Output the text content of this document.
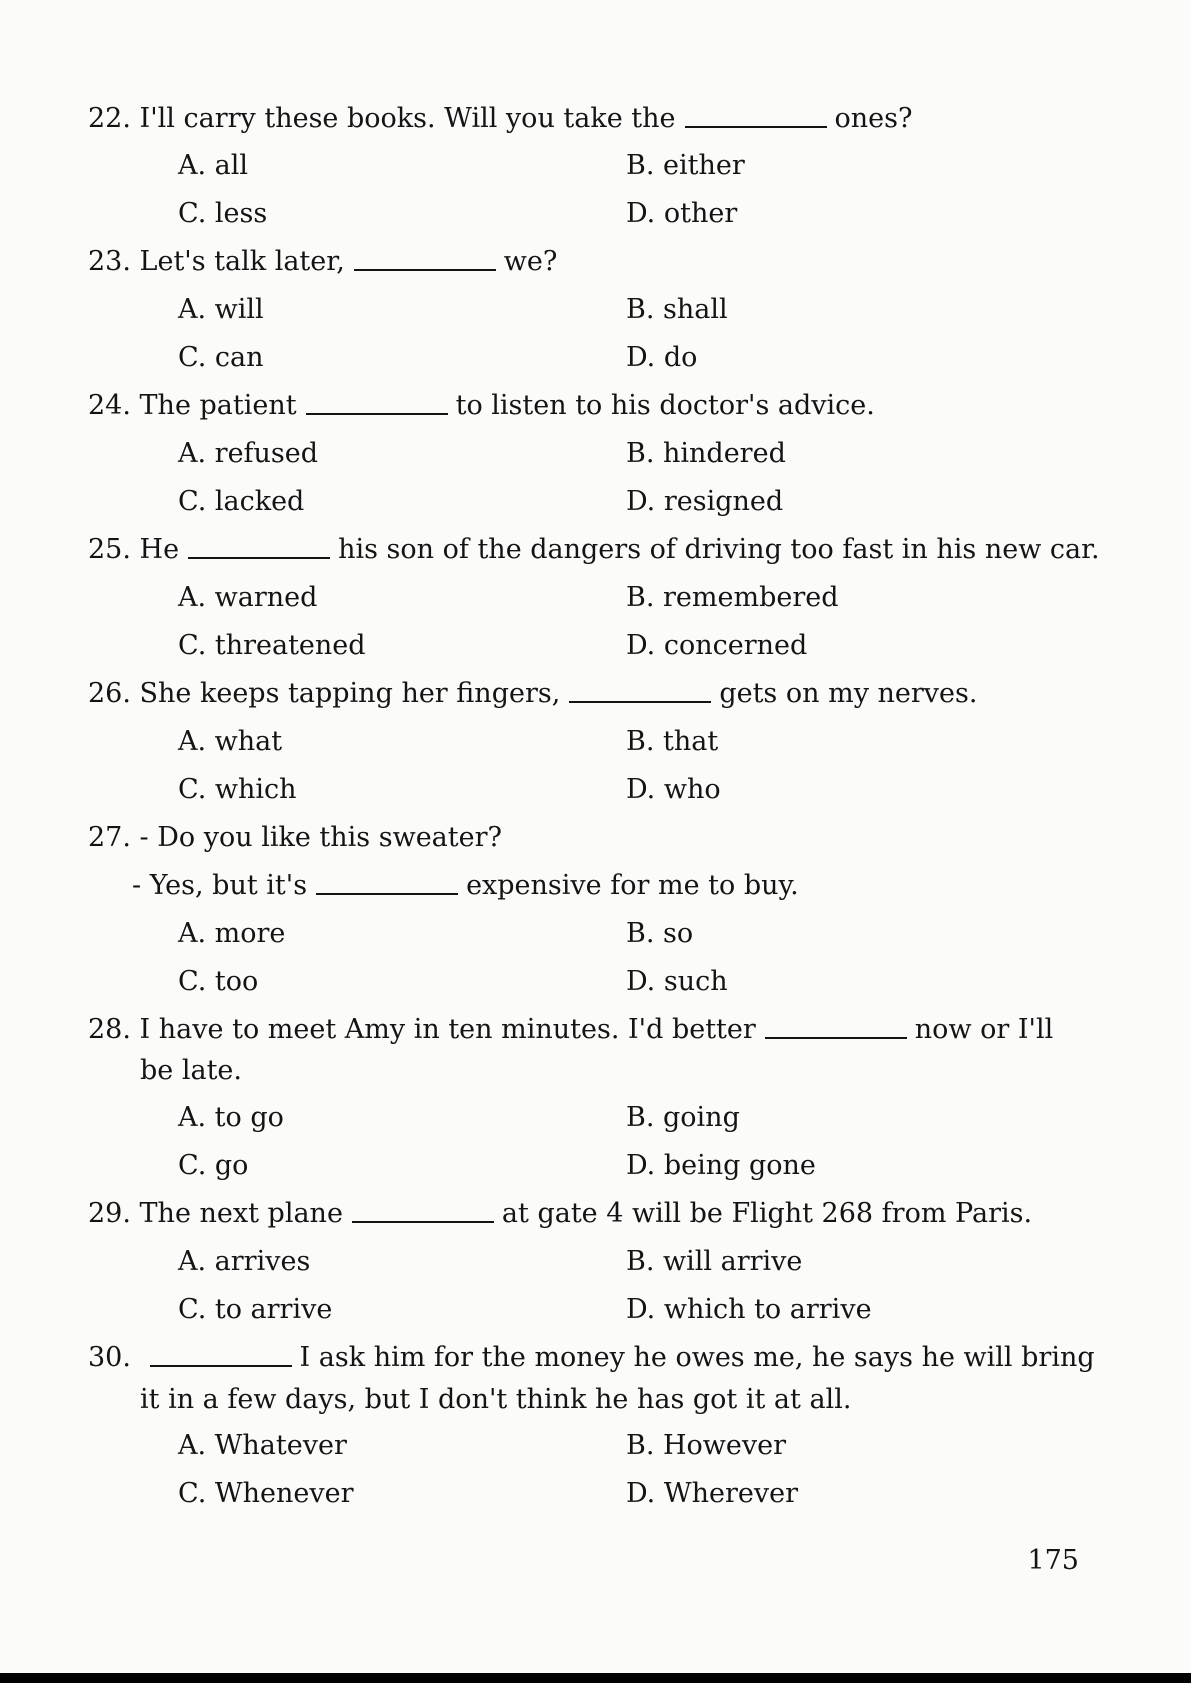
22. I'll carry these books. Will you take the	ones?
A. all	B. either
C. less	D. other
23. Let's talk later,	we?
A. will	B. shall
C. can	D. do
24. The patient	to listen to his doctor's advice.
A. refused	B. hindered
C. lacked	D. resigned
25. He	his son of the dangers of driving too fast in his new car.
A. warned	B. remembered
C. threatened	D. concerned
26. She keeps tapping her fingers,	gets on my nerves.
A. what	B. that
C. which	D. who
27. - Do you like this sweater?
- Yes, but it's	expensive for me to buy.
A. more	B. so
C. too	D. such
28. I have to meet Amy in ten minutes. I'd better	now or I'll
be late.
A. to go	B. going
C. go	D. being gone
29. The next plane	at gate 4 will be Flight 268 from Paris.
A. arrives	B. will arrive
C. to arrive	D. which to arrive
30.	I ask him for the money he owes me, he says he will bring
it in a few days, but I don't think he has got it at all.
A. Whatever	B. However
C. Whenever	D. Wherever
175
